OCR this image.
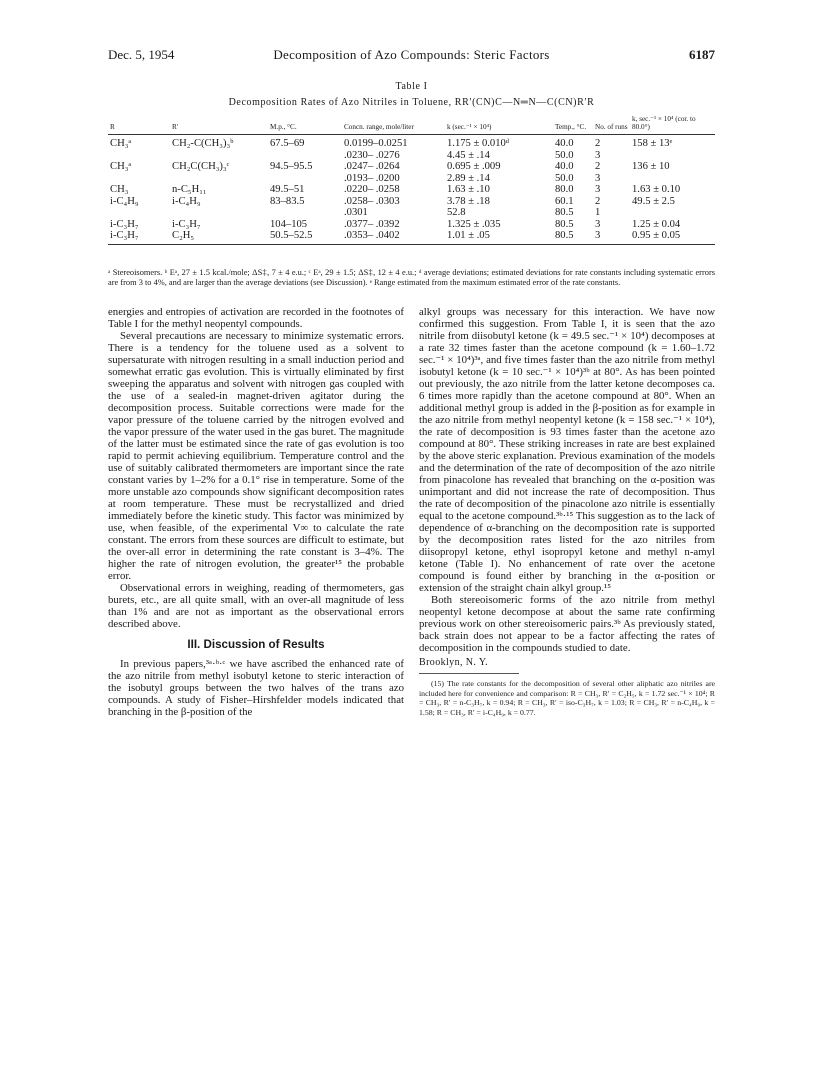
Dec. 5, 1954	Decomposition of Azo Compounds: Steric Factors	6187
Table I
Decomposition Rates of Azo Nitriles in Toluene, RR′(CN)C—N═N—C(CN)R′R
R	R′	M.p., °C.	Concn. range, mole/liter	k (sec.⁻¹ × 10⁴)	Temp., °C.	No. of runs	k, sec.⁻¹ × 10⁴ (cor. to 80.0°)
CH₃ᵃ	CH₂-C(CH₃)₃ᵇ	67.5–69	0.0199–0.0251	1.175 ± 0.010ᵈ	40.0	2	158 ± 13ᵉ
			.0230– .0276	4.45 ± .14	50.0	3	
CH₃ᵃ	CH₂C(CH₃)₃ᶜ	94.5–95.5	.0247– .0264	0.695 ± .009	40.0	2	136 ± 10
			.0193– .0200	2.89 ± .14	50.0	3	
CH₃	n-C₅H₁₁	49.5–51	.0220– .0258	1.63 ± .10	80.0	3	1.63 ± 0.10
i-C₄H₉	i-C₄H₉	83–83.5	.0258– .0303	3.78 ± .18	60.1	2	49.5 ± 2.5
			.0301	52.8	80.5	1	
i-C₃H₇	i-C₃H₇	104–105	.0377– .0392	1.325 ± .035	80.5	3	1.25 ± 0.04
i-C₃H₇	C₂H₅	50.5–52.5	.0353– .0402	1.01 ± .05	80.5	3	0.95 ± 0.05
ᵃ Stereoisomers. ᵇ Eᵃ, 27 ± 1.5 kcal./mole; ΔS‡, 7 ± 4 e.u.; ᶜ Eᵃ, 29 ± 1.5; ΔS‡, 12 ± 4 e.u.; ᵈ average deviations; estimated deviations for rate constants including systematic errors are from 3 to 4%, and are larger than the average deviations (see Discussion). ᵉ Range estimated from the maximum estimated error of the rate constants.

energies and entropies of activation are recorded in the footnotes of Table I for the methyl neopentyl compounds.

Several precautions are necessary to minimize systematic errors. There is a tendency for the toluene used as a solvent to supersaturate with nitrogen resulting in a small induction period and somewhat erratic gas evolution. This is virtually eliminated by first sweeping the apparatus and solvent with nitrogen gas coupled with the use of a sealed-in magnet-driven agitator during the decomposition process. Suitable corrections were made for the vapor pressure of the toluene carried by the nitrogen evolved and the vapor pressure of the water used in the gas buret. The magnitude of the latter must be estimated since the rate of gas evolution is too rapid to permit achieving equilibrium. Temperature control and the use of suitably calibrated thermometers are important since the rate constant varies by 1–2% for a 0.1° rise in temperature. Some of the more unstable azo compounds show significant decomposition rates at room temperature. These must be recrystallized and dried immediately before the kinetic study. This factor was minimized by use, when feasible, of the experimental V∞ to calculate the rate constant. The errors from these sources are difficult to estimate, but the over-all error in determining the rate constant is 3–4%. The higher the rate of nitrogen evolution, the greater¹⁵ the probable error.

Observational errors in weighing, reading of thermometers, gas burets, etc., are all quite small, with an over-all magnitude of less than 1% and are not as important as the observational errors described above.

III. Discussion of Results

In previous papers,³ᵃ·ᵇ·ᶜ we have ascribed the enhanced rate of the azo nitrile from methyl isobutyl ketone to steric interaction of the isobutyl groups between the two halves of the trans azo compounds. A study of Fisher–Hirshfelder models indicated that branching in the β-position of the

alkyl groups was necessary for this interaction. We have now confirmed this suggestion. From Table I, it is seen that the azo nitrile from diisobutyl ketone (k = 49.5 sec.⁻¹ × 10⁴) decomposes at a rate 32 times faster than the acetone compound (k = 1.60–1.72 sec.⁻¹ × 10⁴)³ᵃ, and five times faster than the azo nitrile from methyl isobutyl ketone (k = 10 sec.⁻¹ × 10⁴)³ᵇ at 80°. As has been pointed out previously, the azo nitrile from the latter ketone decomposes ca. 6 times more rapidly than the acetone compound at 80°. When an additional methyl group is added in the β-position as for example in the azo nitrile from methyl neopentyl ketone (k = 158 sec.⁻¹ × 10⁴), the rate of decomposition is 93 times faster than the acetone azo compound at 80°. These striking increases in rate are best explained by the above steric explanation. Previous examination of the models and the determination of the rate of decomposition of the azo nitrile from pinacolone has revealed that branching on the α-position was unimportant and did not increase the rate of decomposition. Thus the rate of decomposition of the pinacolone azo nitrile is essentially equal to the acetone compound.³ᵇ·¹⁵ This suggestion as to the lack of dependence of α-branching on the decomposition rate is supported by the decomposition rates listed for the azo nitriles from diisopropyl ketone, ethyl isopropyl ketone and methyl n-amyl ketone (Table I). No enhancement of rate over the acetone compound is found either by branching in the α-position or extension of the straight chain alkyl group.¹⁵

Both stereoisomeric forms of the azo nitrile from methyl neopentyl ketone decompose at about the same rate confirming previous work on other stereoisomeric pairs.³ᵇ As previously stated, back strain does not appear to be a factor affecting the rates of decomposition in the compounds studied to date.

Brooklyn, N. Y.
(15) The rate constants for the decomposition of several other aliphatic azo nitriles are included here for convenience and comparison: R = CH₃, R′ = C₂H₅, k = 1.72 sec.⁻¹ × 10⁴; R = CH₃, R′ = n-C₃H₇, k = 0.94; R = CH₃, R′ = iso-C₃H₇, k = 1.03; R = CH₃, R′ = n-C₄H₉, k = 1.58; R = CH₃, R′ = i-C₄H₉, k = 0.77.
